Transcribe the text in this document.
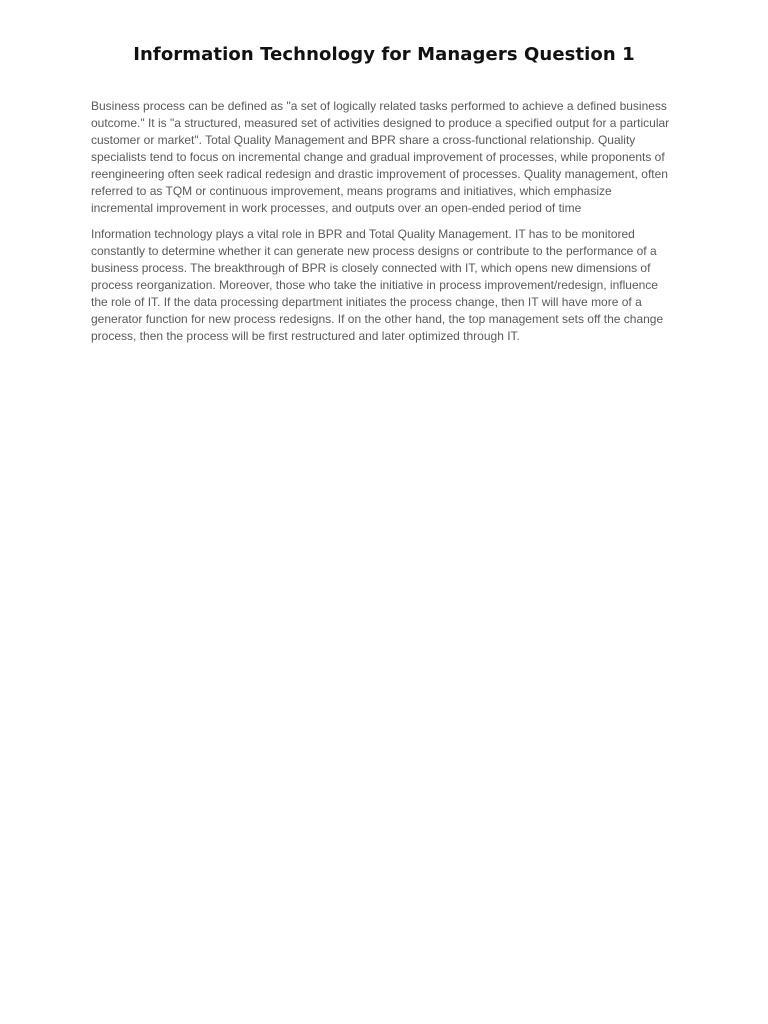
Information Technology for Managers Question 1

Business process can be defined as "a set of logically related tasks performed to achieve a defined business outcome." It is "a structured, measured set of activities designed to produce a specified output for a particular customer or market". Total Quality Management and BPR share a cross-functional relationship. Quality specialists tend to focus on incremental change and gradual improvement of processes, while proponents of reengineering often seek radical redesign and drastic improvement of processes. Quality management, often referred to as TQM or continuous improvement, means programs and initiatives, which emphasize incremental improvement in work processes, and outputs over an open-ended period of time

Information technology plays a vital role in BPR and Total Quality Management. IT has to be monitored constantly to determine whether it can generate new process designs or contribute to the performance of a business process. The breakthrough of BPR is closely connected with IT, which opens new dimensions of process reorganization. Moreover, those who take the initiative in process improvement/redesign, influence the role of IT. If the data processing department initiates the process change, then IT will have more of a generator function for new process redesigns. If on the other hand, the top management sets off the change process, then the process will be first restructured and later optimized through IT.
